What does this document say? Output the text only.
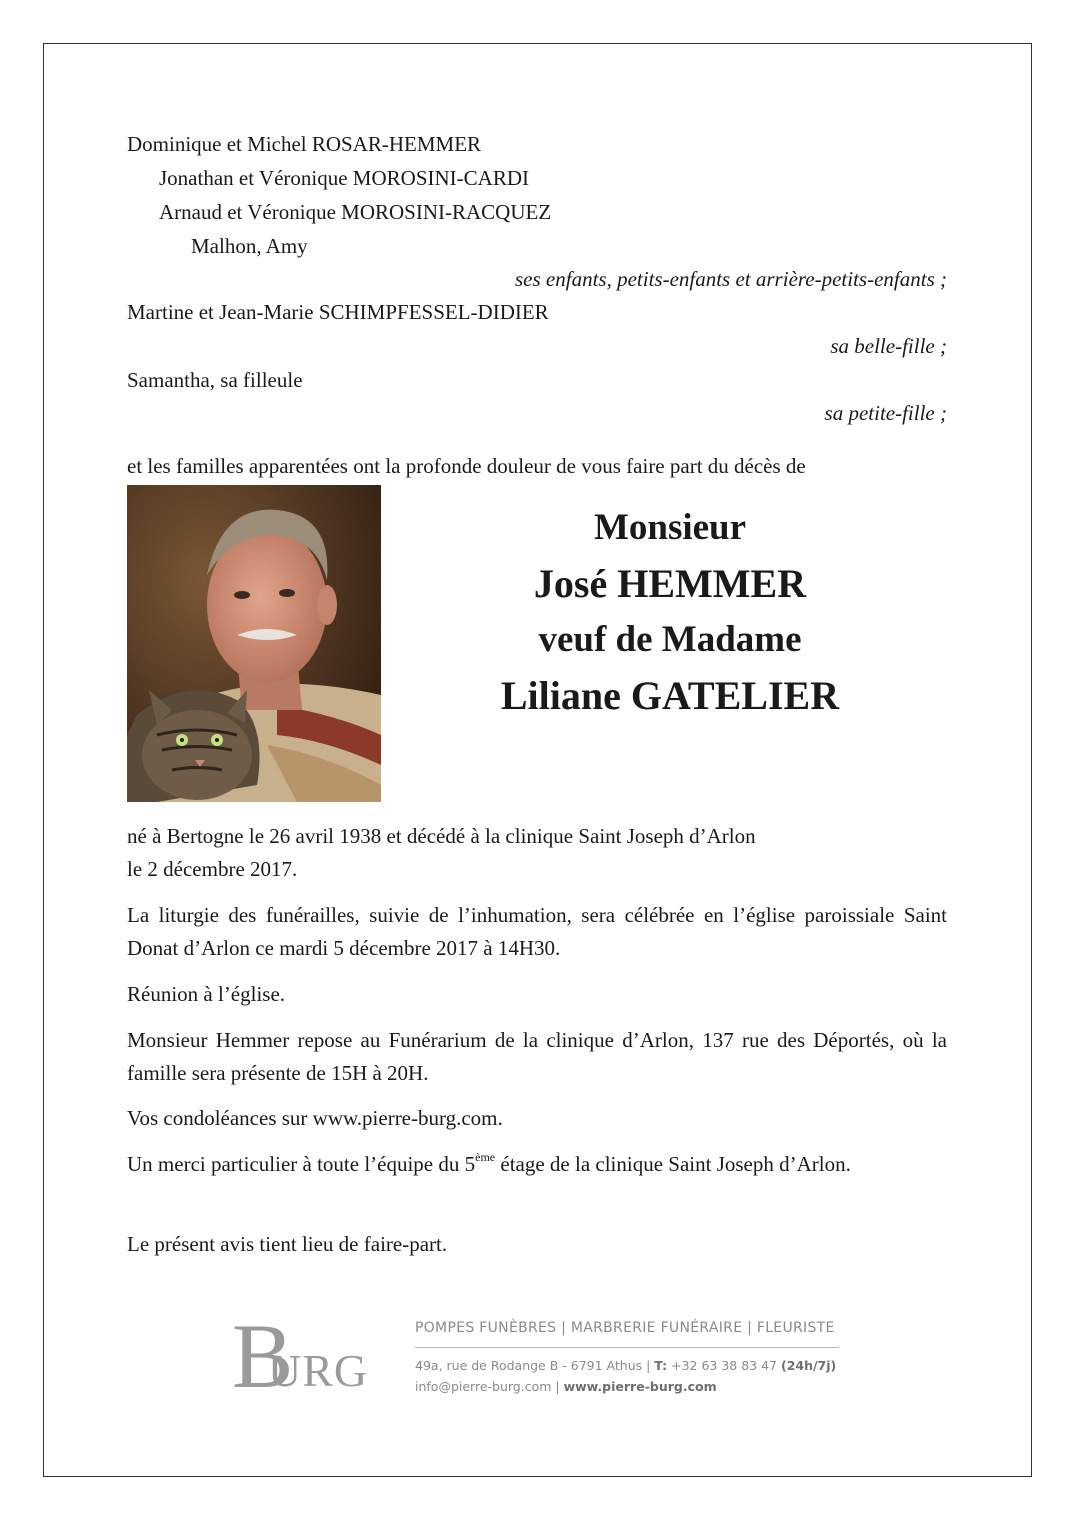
Dominique et Michel ROSAR-HEMMER
Jonathan et Véronique MOROSINI-CARDI
Arnaud et Véronique MOROSINI-RACQUEZ
Malhon, Amy
ses enfants, petits-enfants et arrière-petits-enfants ;
Martine et Jean-Marie SCHIMPFESSEL-DIDIER
sa belle-fille ;
Samantha, sa filleule
sa petite-fille ;
et les familles apparentées ont la profonde douleur de vous faire part du décès de
Monsieur
José HEMMER
veuf de Madame
Liliane GATELIER
né à Bertogne le 26 avril 1938 et décédé à la clinique Saint Joseph d’Arlon
le 2 décembre 2017.
La liturgie des funérailles, suivie de l’inhumation, sera célébrée en l’église paroissiale Saint Donat d’Arlon ce mardi 5 décembre 2017 à 14H30.
Réunion à l’église.
Monsieur Hemmer repose au Funérarium de la clinique d’Arlon, 137 rue des Déportés, où la famille sera présente de 15H à 20H.
Vos condoléances sur www.pierre-burg.com.
Un merci particulier à toute l’équipe du 5ème étage de la clinique Saint Joseph d’Arlon.
Le présent avis tient lieu de faire-part.
B
URG
POMPES FUNÈBRES | MARBRERIE FUNÉRAIRE | FLEURISTE
49a, rue de Rodange B - 6791 Athus | T: +32 63 38 83 47 (24h/7j)
info@pierre-burg.com | www.pierre-burg.com
